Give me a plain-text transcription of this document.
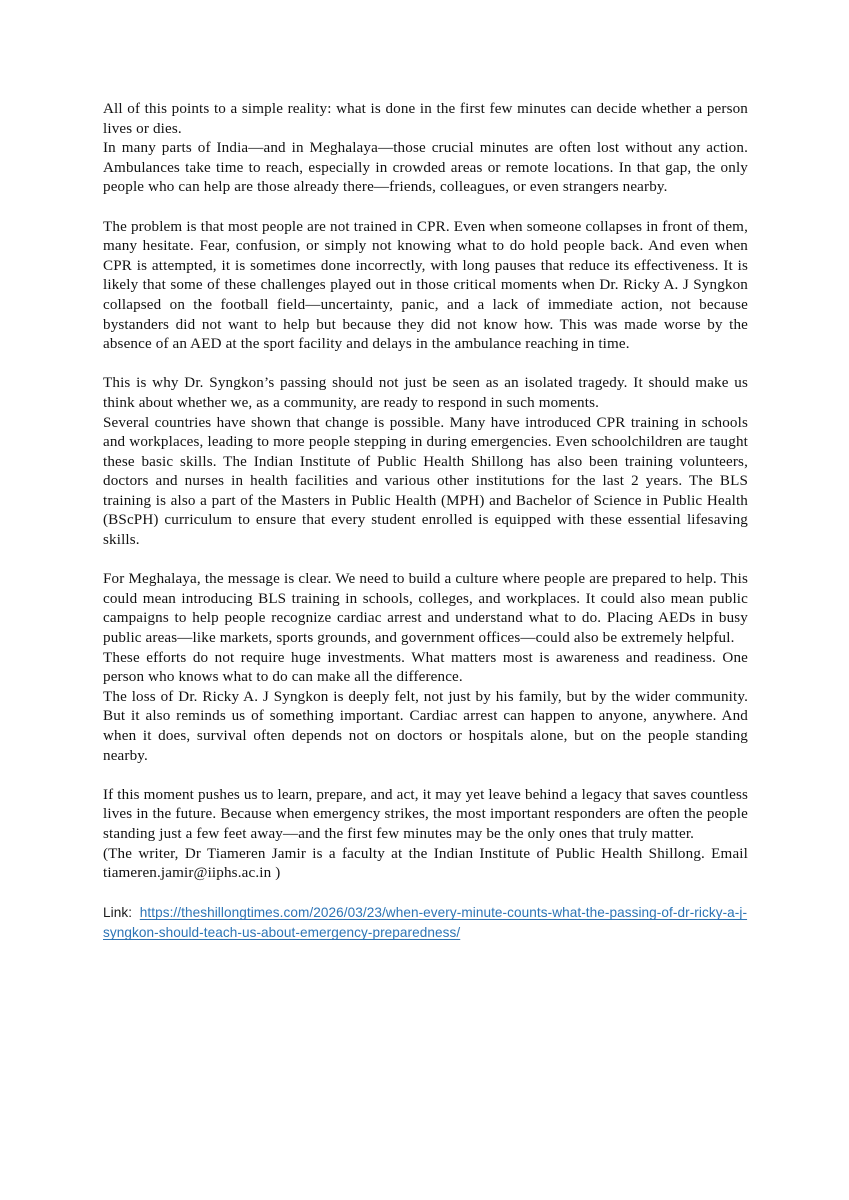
All of this points to a simple reality: what is done in the first few minutes can decide whether a person lives or dies.
In many parts of India—and in Meghalaya—those crucial minutes are often lost without any action. Ambulances take time to reach, especially in crowded areas or remote locations. In that gap, the only people who can help are those already there—friends, colleagues, or even strangers nearby.

The problem is that most people are not trained in CPR. Even when someone collapses in front of them, many hesitate. Fear, confusion, or simply not knowing what to do hold people back. And even when CPR is attempted, it is sometimes done incorrectly, with long pauses that reduce its effectiveness. It is likely that some of these challenges played out in those critical moments when Dr. Ricky A. J Syngkon collapsed on the football field—uncertainty, panic, and a lack of immediate action, not because bystanders did not want to help but because they did not know how. This was made worse by the absence of an AED at the sport facility and delays in the ambulance reaching in time.

This is why Dr. Syngkon’s passing should not just be seen as an isolated tragedy. It should make us think about whether we, as a community, are ready to respond in such moments.
Several countries have shown that change is possible. Many have introduced CPR training in schools and workplaces, leading to more people stepping in during emergencies. Even schoolchildren are taught these basic skills. The Indian Institute of Public Health Shillong has also been training volunteers, doctors and nurses in health facilities and various other institutions for the last 2 years. The BLS training is also a part of the Masters in Public Health (MPH) and Bachelor of Science in Public Health (BScPH) curriculum to ensure that every student enrolled is equipped with these essential lifesaving skills.

For Meghalaya, the message is clear. We need to build a culture where people are prepared to help. This could mean introducing BLS training in schools, colleges, and workplaces. It could also mean public campaigns to help people recognize cardiac arrest and understand what to do. Placing AEDs in busy public areas—like markets, sports grounds, and government offices—could also be extremely helpful.
These efforts do not require huge investments. What matters most is awareness and readiness. One person who knows what to do can make all the difference.
The loss of Dr. Ricky A. J Syngkon is deeply felt, not just by his family, but by the wider community. But it also reminds us of something important. Cardiac arrest can happen to anyone, anywhere. And when it does, survival often depends not on doctors or hospitals alone, but on the people standing nearby.

If this moment pushes us to learn, prepare, and act, it may yet leave behind a legacy that saves countless lives in the future. Because when emergency strikes, the most important responders are often the people standing just a few feet away—and the first few minutes may be the only ones that truly matter.
(The writer, Dr Tiameren Jamir is a faculty at the Indian Institute of Public Health Shillong. Email tiameren.jamir@iiphs.ac.in )

Link: https://theshillongtimes.com/2026/03/23/when-every-minute-counts-what-the-passing-of-dr-ricky-a-j-syngkon-should-teach-us-about-emergency-preparedness/
